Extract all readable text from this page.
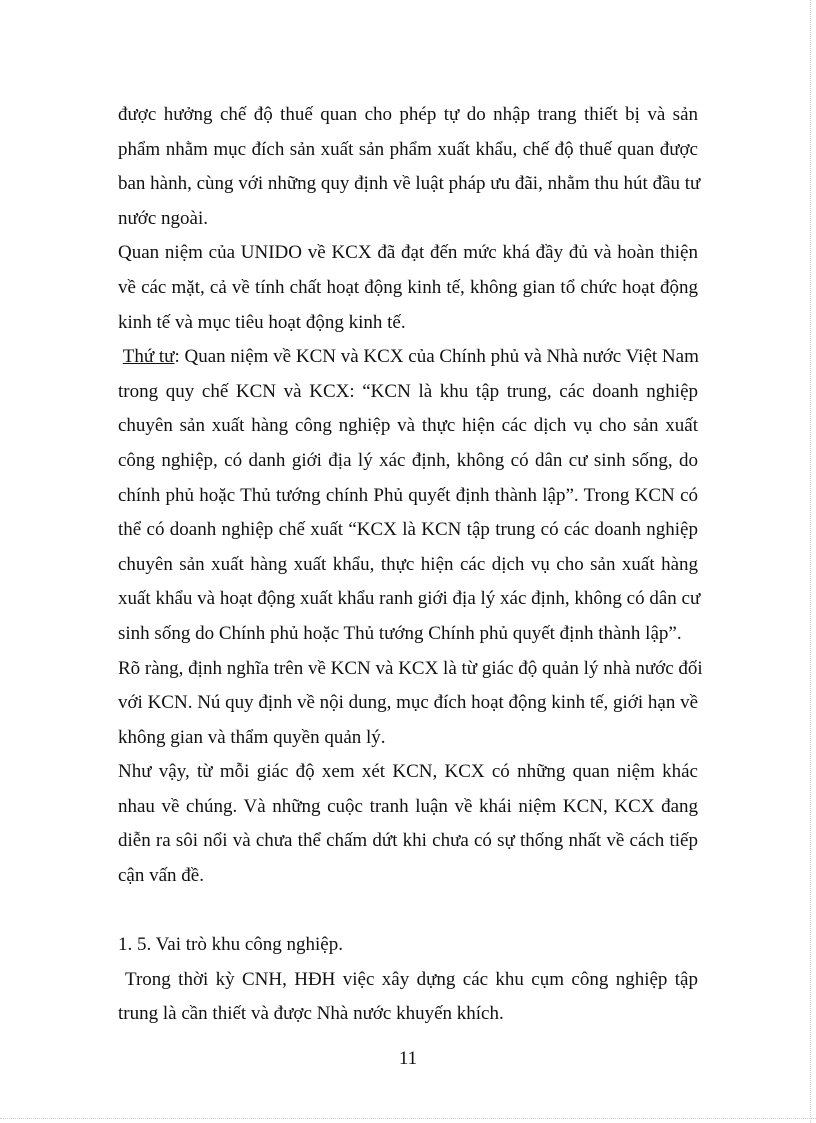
được hưởng chế độ thuế quan cho phép tự do nhập trang thiết bị và sản
phẩm nhằm mục đích sản xuất sản phẩm xuất khẩu, chế độ thuế quan được
ban hành, cùng với những quy định về luật pháp ưu đãi, nhằm thu hút đầu tư
nước ngoài.
Quan niệm của UNIDO về KCX đã đạt đến mức khá đầy đủ và hoàn thiện
về các mặt, cả về tính chất hoạt động kinh tế, không gian tổ chức hoạt động
kinh tế và mục tiêu hoạt động kinh tế.
Thứ tư: Quan niệm về KCN và KCX của Chính phủ và Nhà nước Việt Nam
trong quy chế KCN và KCX: “KCN là khu tập trung, các doanh nghiệp
chuyên sản xuất hàng công nghiệp và thực hiện các dịch vụ cho sản xuất
công nghiệp, có danh giới địa lý xác định, không có dân cư sinh sống, do
chính phủ hoặc Thủ tướng chính Phủ quyết định thành lập”. Trong KCN có
thể có doanh nghiệp chế xuất “KCX là KCN tập trung có các doanh nghiệp
chuyên sản xuất hàng xuất khẩu, thực hiện các dịch vụ cho sản xuất hàng
xuất khẩu và hoạt động xuất khẩu ranh giới địa lý xác định, không có dân cư
sinh sống do Chính phủ hoặc Thủ tướng Chính phủ quyết định thành lập”.
Rõ ràng, định nghĩa trên về KCN và KCX là từ giác độ quản lý nhà nước đối
với KCN. Nú quy định về nội dung, mục đích hoạt động kinh tế, giới hạn về
không gian và thẩm quyền quản lý.
Như vậy, từ mỗi giác độ xem xét KCN, KCX có những quan niệm khác
nhau về chúng. Và những cuộc tranh luận về khái niệm KCN, KCX đang
diễn ra sôi nổi và chưa thể chấm dứt khi chưa có sự thống nhất về cách tiếp
cận vấn đề.

1. 5. Vai trò khu công nghiệp.

Trong thời kỳ CNH, HĐH việc xây dựng các khu cụm công nghiệp tập
trung là cần thiết và được Nhà nước khuyến khích.
11
